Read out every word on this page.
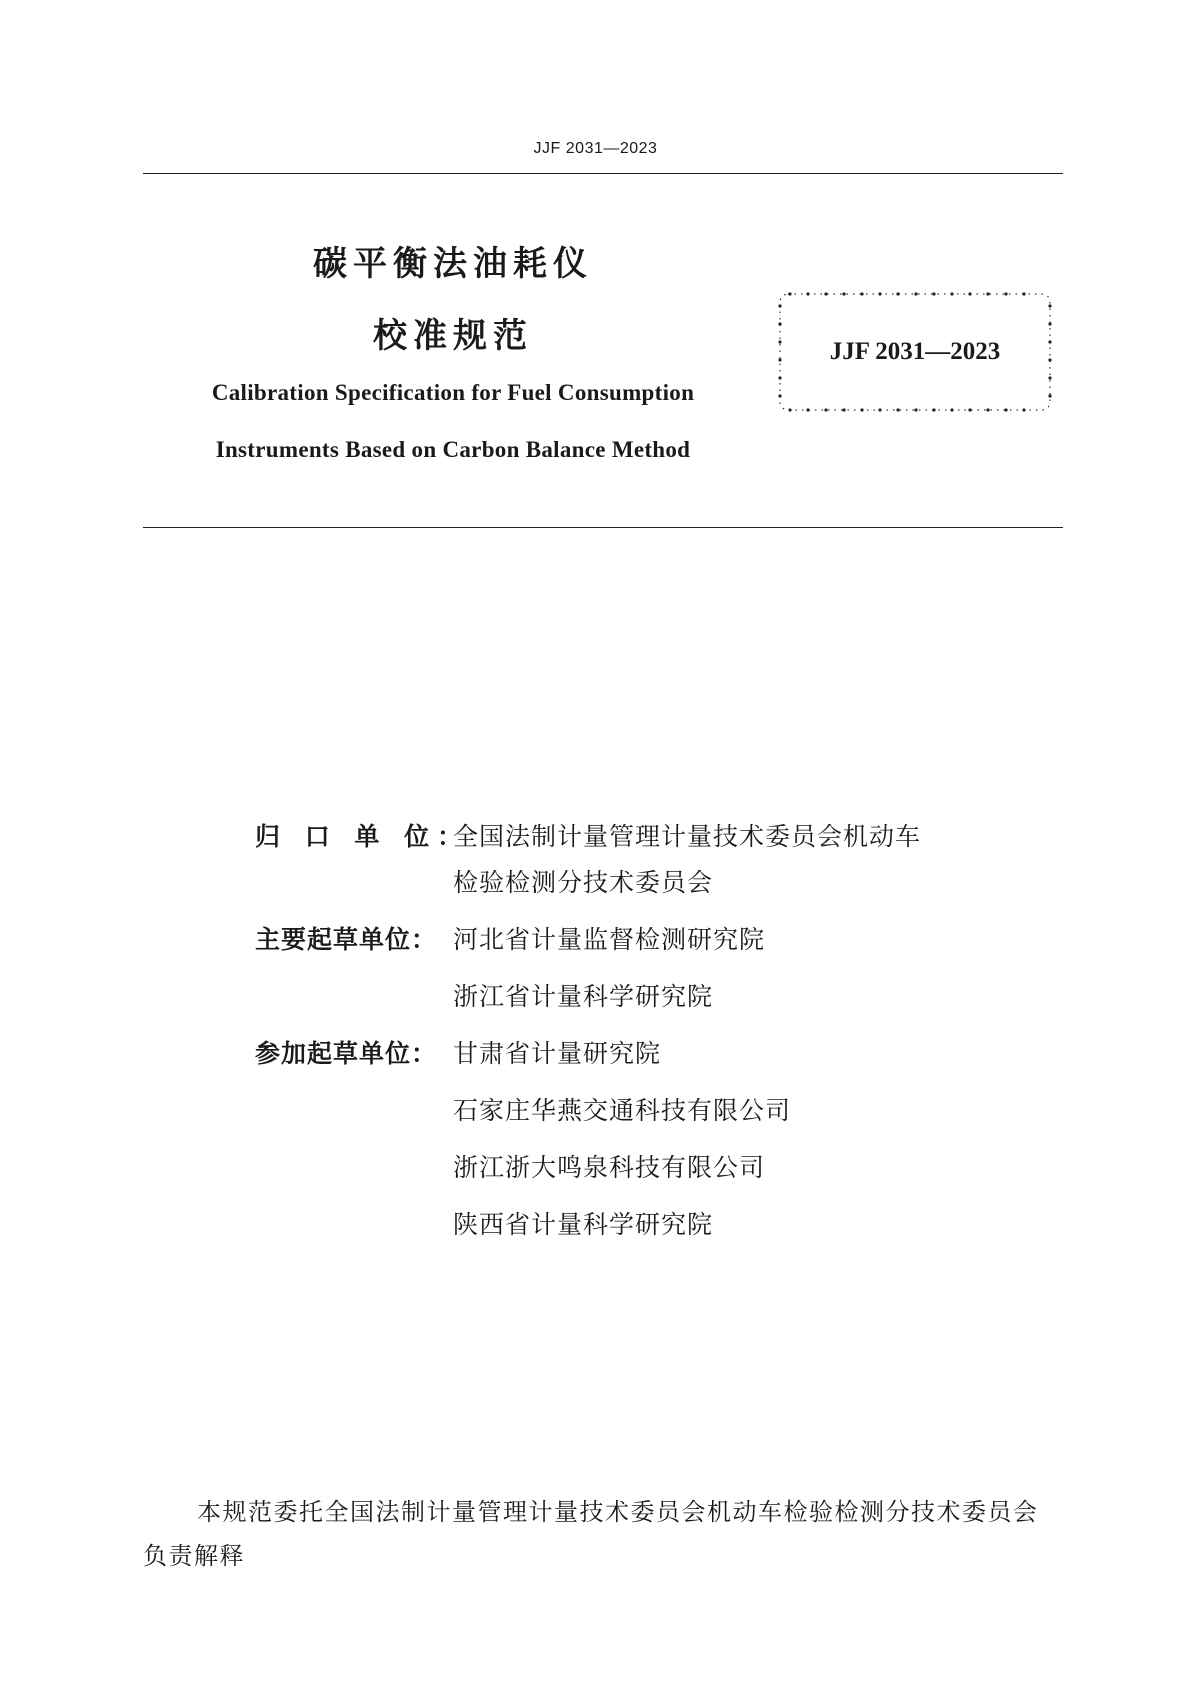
JJF 2031—2023
碳平衡法油耗仪
校准规范
Calibration Specification for Fuel Consumption
Instruments Based on Carbon Balance Method
JJF 2031—2023
归 口 单 位：
全国法制计量管理计量技术委员会机动车
检验检测分技术委员会
主要起草单位： 河北省计量监督检测研究院
浙江省计量科学研究院
参加起草单位： 甘肃省计量研究院
石家庄华燕交通科技有限公司
浙江浙大鸣泉科技有限公司
陕西省计量科学研究院
本规范委托全国法制计量管理计量技术委员会机动车检验检测分技术委员会负责解释
